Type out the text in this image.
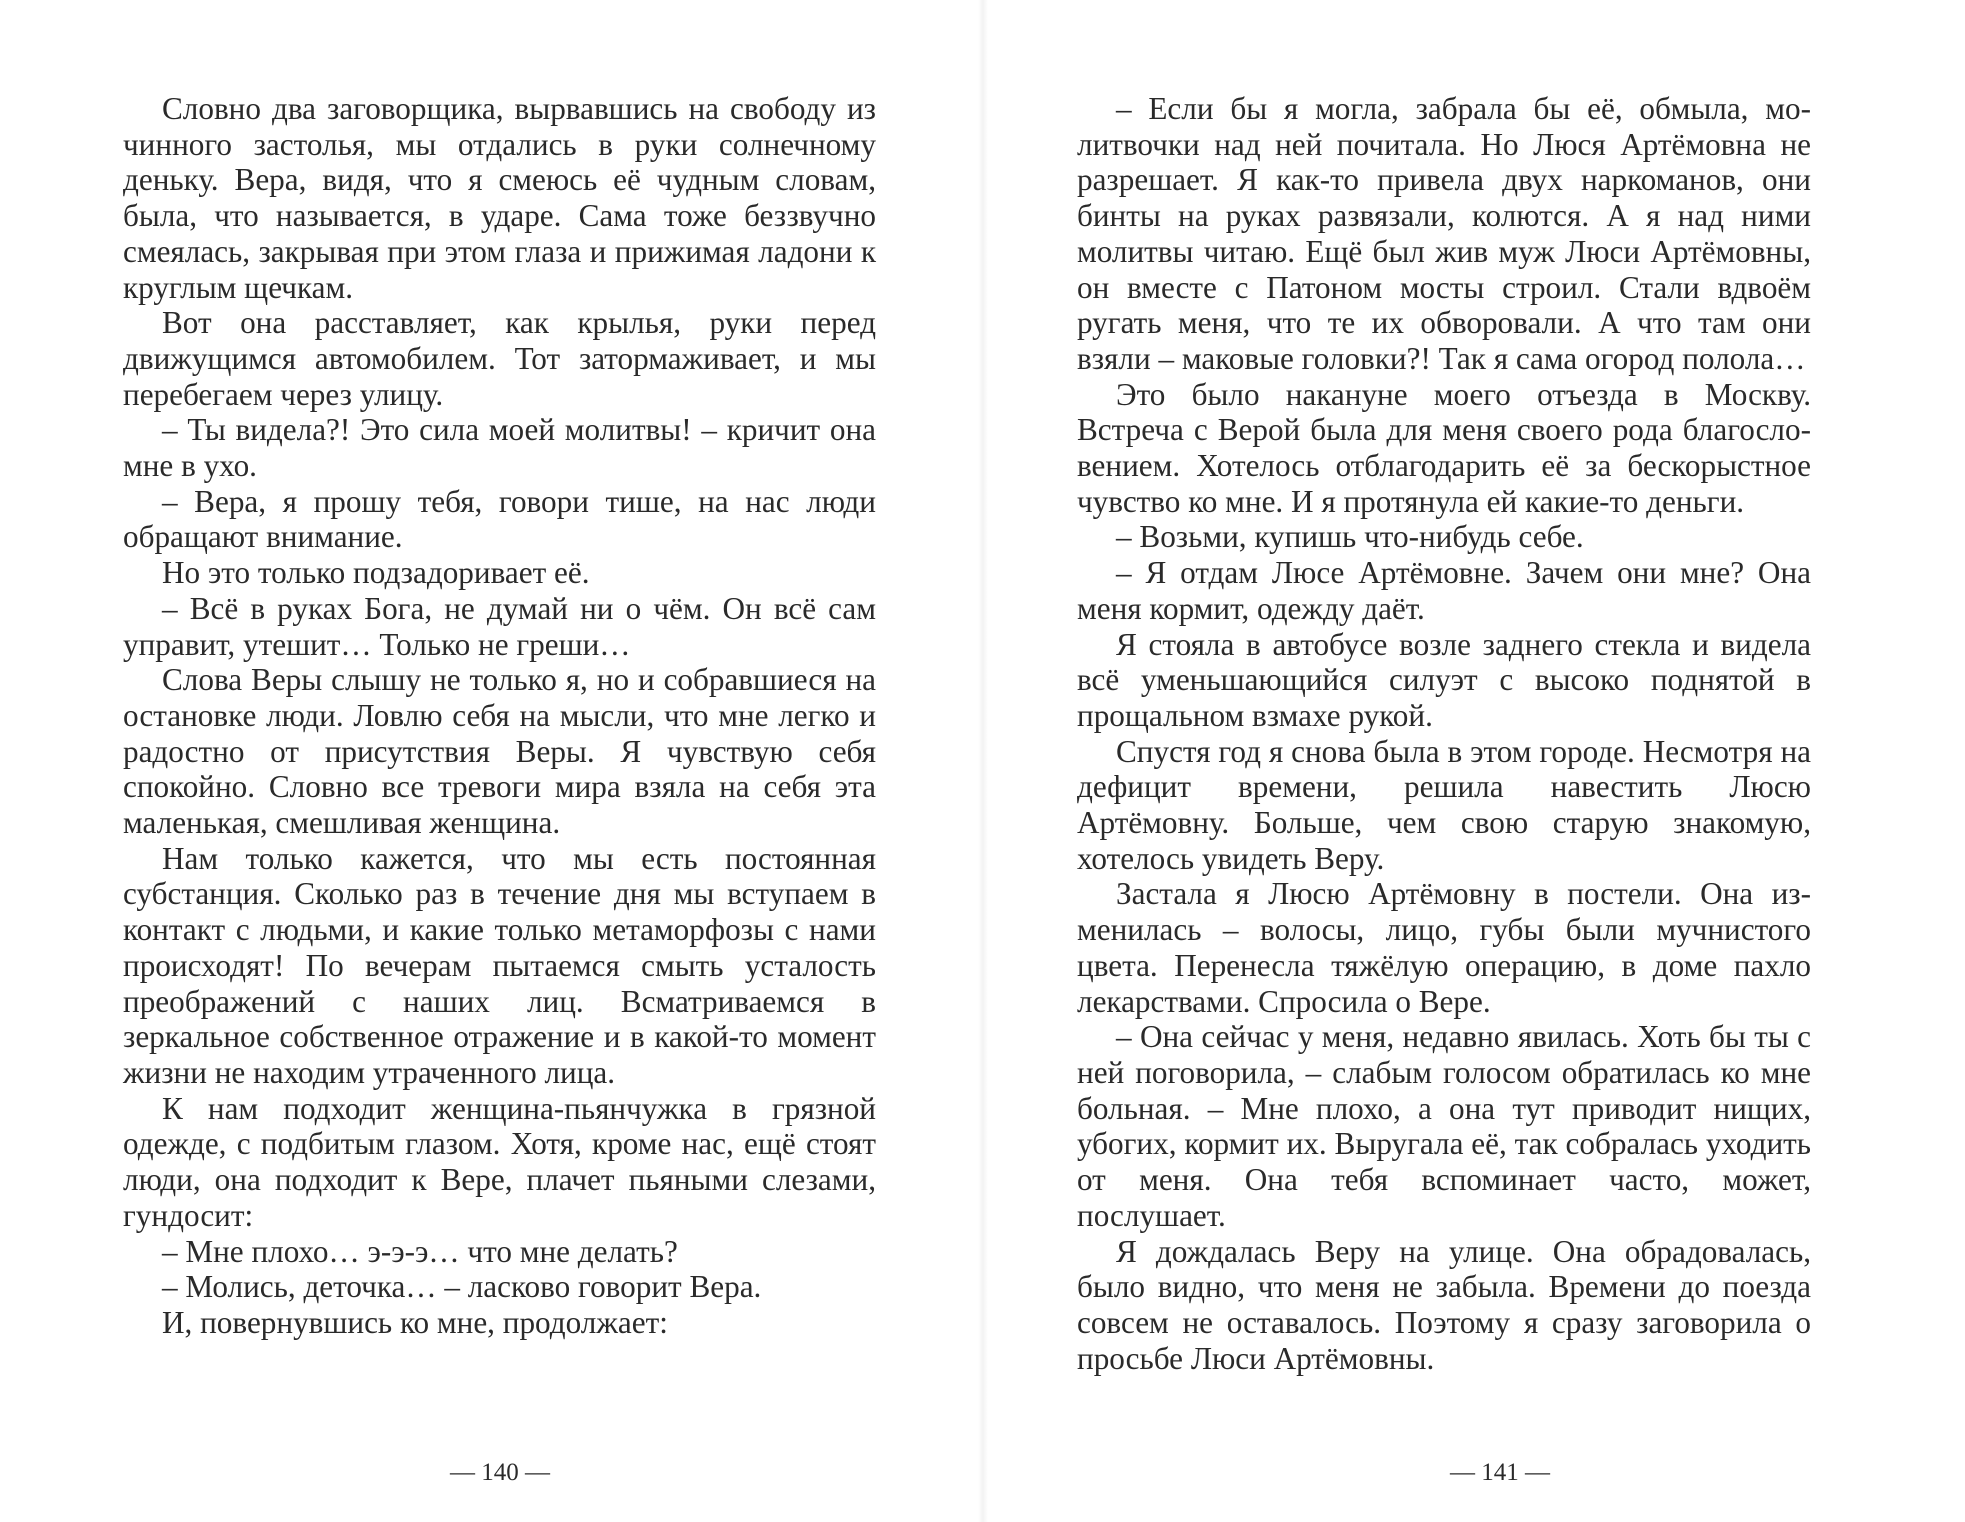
Словно два заговорщика, вырвавшись на свободу из чинного застолья, мы отдались в руки солнечному деньку. Вера, видя, что я смеюсь её чудным словам, была, что называется, в ударе. Сама тоже беззвучно смеялась, закрывая при этом глаза и прижимая ладони к круглым щечкам.

Вот она расставляет, как крылья, руки перед движущимся автомобилем. Тот затормаживает, и мы перебегаем через улицу.

– Ты видела?! Это сила моей молитвы! – кричит она мне в ухо.

– Вера, я прошу тебя, говори тише, на нас люди обращают внимание.

Но это только подзадоривает её.

– Всё в руках Бога, не думай ни о чём. Он всё сам управит, утешит… Только не греши…

Слова Веры слышу не только я, но и собравшиеся на остановке люди. Ловлю себя на мысли, что мне легко и радостно от присутствия Веры. Я чувствую себя спокойно. Словно все тревоги мира взяла на себя эта маленькая, смешливая женщина.

Нам только кажется, что мы есть постоянная субстанция. Сколько раз в течение дня мы вступаем в контакт с людьми, и какие только метаморфозы с нами происходят! По вечерам пытаемся смыть усталость преображений с наших лиц. Всматриваемся в зеркальное собственное отражение и в какой-то момент жизни не находим утраченного лица.

К нам подходит женщина-пьянчужка в грязной одежде, с подбитым глазом. Хотя, кроме нас, ещё стоят люди, она подходит к Вере, плачет пьяными слезами, гундосит:

– Мне плохо… э-э-э… что мне делать?

– Молись, деточка… – ласково говорит Вера.

И, повернувшись ко мне, продолжает:

— 140 —

– Если бы я могла, забрала бы её, обмыла, молитвочки над ней почитала. Но Люся Артёмовна не разрешает. Я как-то привела двух наркоманов, они бинты на руках развязали, колются. А я над ними молитвы читаю. Ещё был жив муж Люси Артёмовны, он вместе с Патоном мосты строил. Стали вдвоём ругать меня, что те их обворовали. А что там они взяли – маковые головки?! Так я сама огород полола…

Это было накануне моего отъезда в Москву. Встреча с Верой была для меня своего рода благословением. Хотелось отблагодарить её за бескорыстное чувство ко мне. И я протянула ей какие-то деньги.

– Возьми, купишь что-нибудь себе.

– Я отдам Люсе Артёмовне. Зачем они мне? Она меня кормит, одежду даёт.

Я стояла в автобусе возле заднего стекла и видела всё уменьшающийся силуэт с высоко поднятой в прощальном взмахе рукой.

Спустя год я снова была в этом городе. Несмотря на дефицит времени, решила навестить Люсю Артёмовну. Больше, чем свою старую знакомую, хотелось увидеть Веру.

Застала я Люсю Артёмовну в постели. Она изменилась – волосы, лицо, губы были мучнистого цвета. Перенесла тяжёлую операцию, в доме пахло лекарствами. Спросила о Вере.

– Она сейчас у меня, недавно явилась. Хоть бы ты с ней поговорила, – слабым голосом обратилась ко мне больная. – Мне плохо, а она тут приводит нищих, убогих, кормит их. Выругала её, так собралась уходить от меня. Она тебя вспоминает часто, может, послушает.

Я дождалась Веру на улице. Она обрадовалась, было видно, что меня не забыла. Времени до поезда совсем не оставалось. Поэтому я сразу заговорила о просьбе Люси Артёмовны.

— 141 —
